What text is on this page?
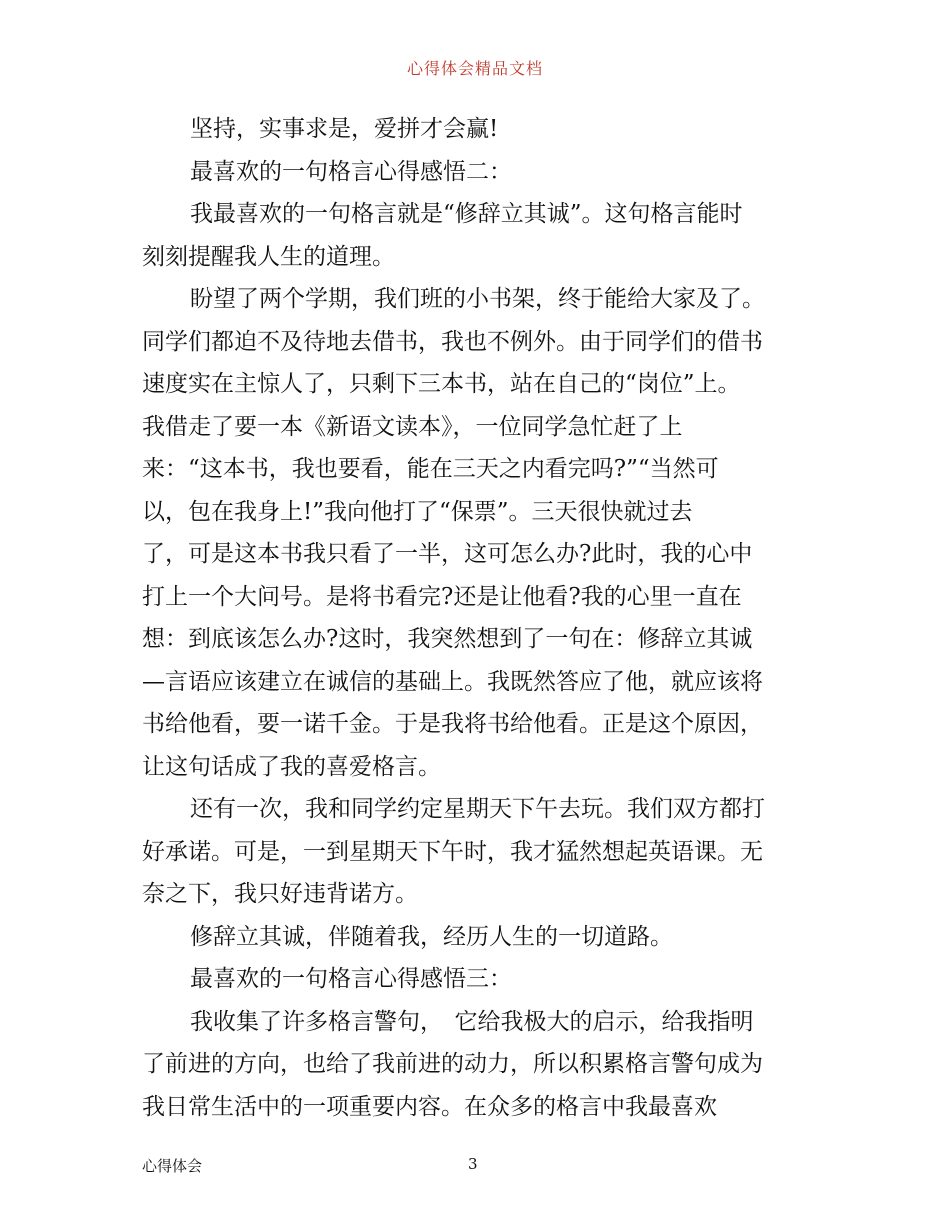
心得体会精品文档
坚持，实事求是，爱拼才会赢!
最喜欢的一句格言心得感悟二：
我最喜欢的一句格言就是“修辞立其诚”。这句格言能时
刻刻提醒我人生的道理。
盼望了两个学期，我们班的小书架，终于能给大家及了。
同学们都迫不及待地去借书，我也不例外。由于同学们的借书
速度实在主惊人了，只剩下三本书，站在自己的“岗位”上。
我借走了要一本《新语文读本》，一位同学急忙赶了上
来：“这本书，我也要看，能在三天之内看完吗?”“当然可
以，包在我身上!”我向他打了“保票”。三天很快就过去
了，可是这本书我只看了一半，这可怎么办?此时，我的心中
打上一个大问号。是将书看完?还是让他看?我的心里一直在
想：到底该怎么办?这时，我突然想到了一句在：修辞立其诚
—言语应该建立在诚信的基础上。我既然答应了他，就应该将
书给他看，要一诺千金。于是我将书给他看。正是这个原因，
让这句话成了我的喜爱格言。
还有一次，我和同学约定星期天下午去玩。我们双方都打
好承诺。可是，一到星期天下午时，我才猛然想起英语课。无
奈之下，我只好违背诺方。
修辞立其诚，伴随着我，经历人生的一切道路。
最喜欢的一句格言心得感悟三：
我收集了许多格言警句，　它给我极大的启示，给我指明
了前进的方向，也给了我前进的动力，所以积累格言警句成为
我日常生活中的一项重要内容。在众多的格言中我最喜欢
心得体会	3
